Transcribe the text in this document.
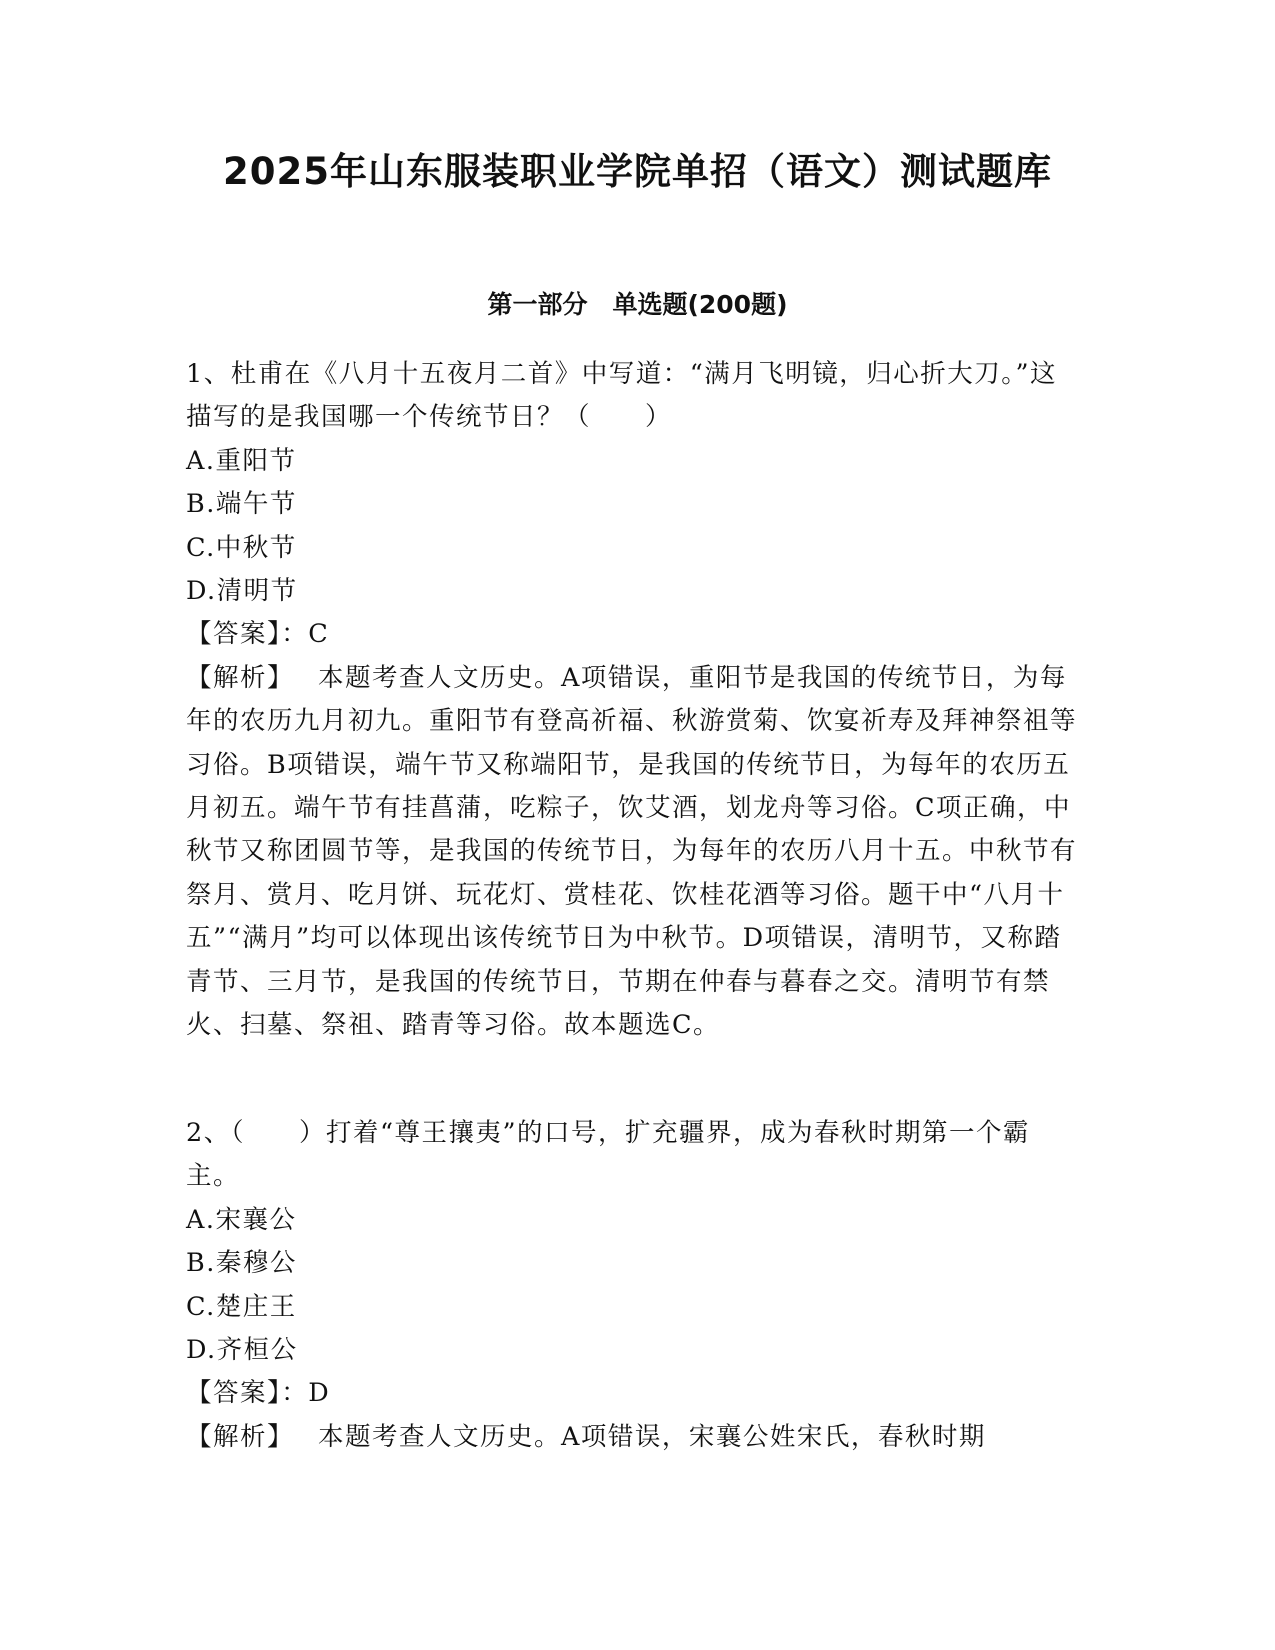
2025年山东服装职业学院单招（语文）测试题库
第一部分　单选题(200题)

1、杜甫在《八月十五夜月二首》中写道：“满月飞明镜，归心折大刀。”这描写的是我国哪一个传统节日？（　　）

A.重阳节

B.端午节

C.中秋节

D.清明节

【答案】：C

【解析】 本题考查人文历史。A项错误，重阳节是我国的传统节日，为每年的农历九月初九。重阳节有登高祈福、秋游赏菊、饮宴祈寿及拜神祭祖等习俗。B项错误，端午节又称端阳节，是我国的传统节日，为每年的农历五月初五。端午节有挂菖蒲，吃粽子，饮艾酒，划龙舟等习俗。C项正确，中秋节又称团圆节等，是我国的传统节日，为每年的农历八月十五。中秋节有祭月、赏月、吃月饼、玩花灯、赏桂花、饮桂花酒等习俗。题干中“八月十五”“满月”均可以体现出该传统节日为中秋节。D项错误，清明节，又称踏青节、三月节，是我国的传统节日，节期在仲春与暮春之交。清明节有禁火、扫墓、祭祖、踏青等习俗。故本题选C。

2、（　　）打着“尊王攘夷”的口号，扩充疆界，成为春秋时期第一个霸主。

A.宋襄公

B.秦穆公

C.楚庄王

D.齐桓公

【答案】：D

【解析】 本题考查人文历史。A项错误，宋襄公姓宋氏，春秋时期
